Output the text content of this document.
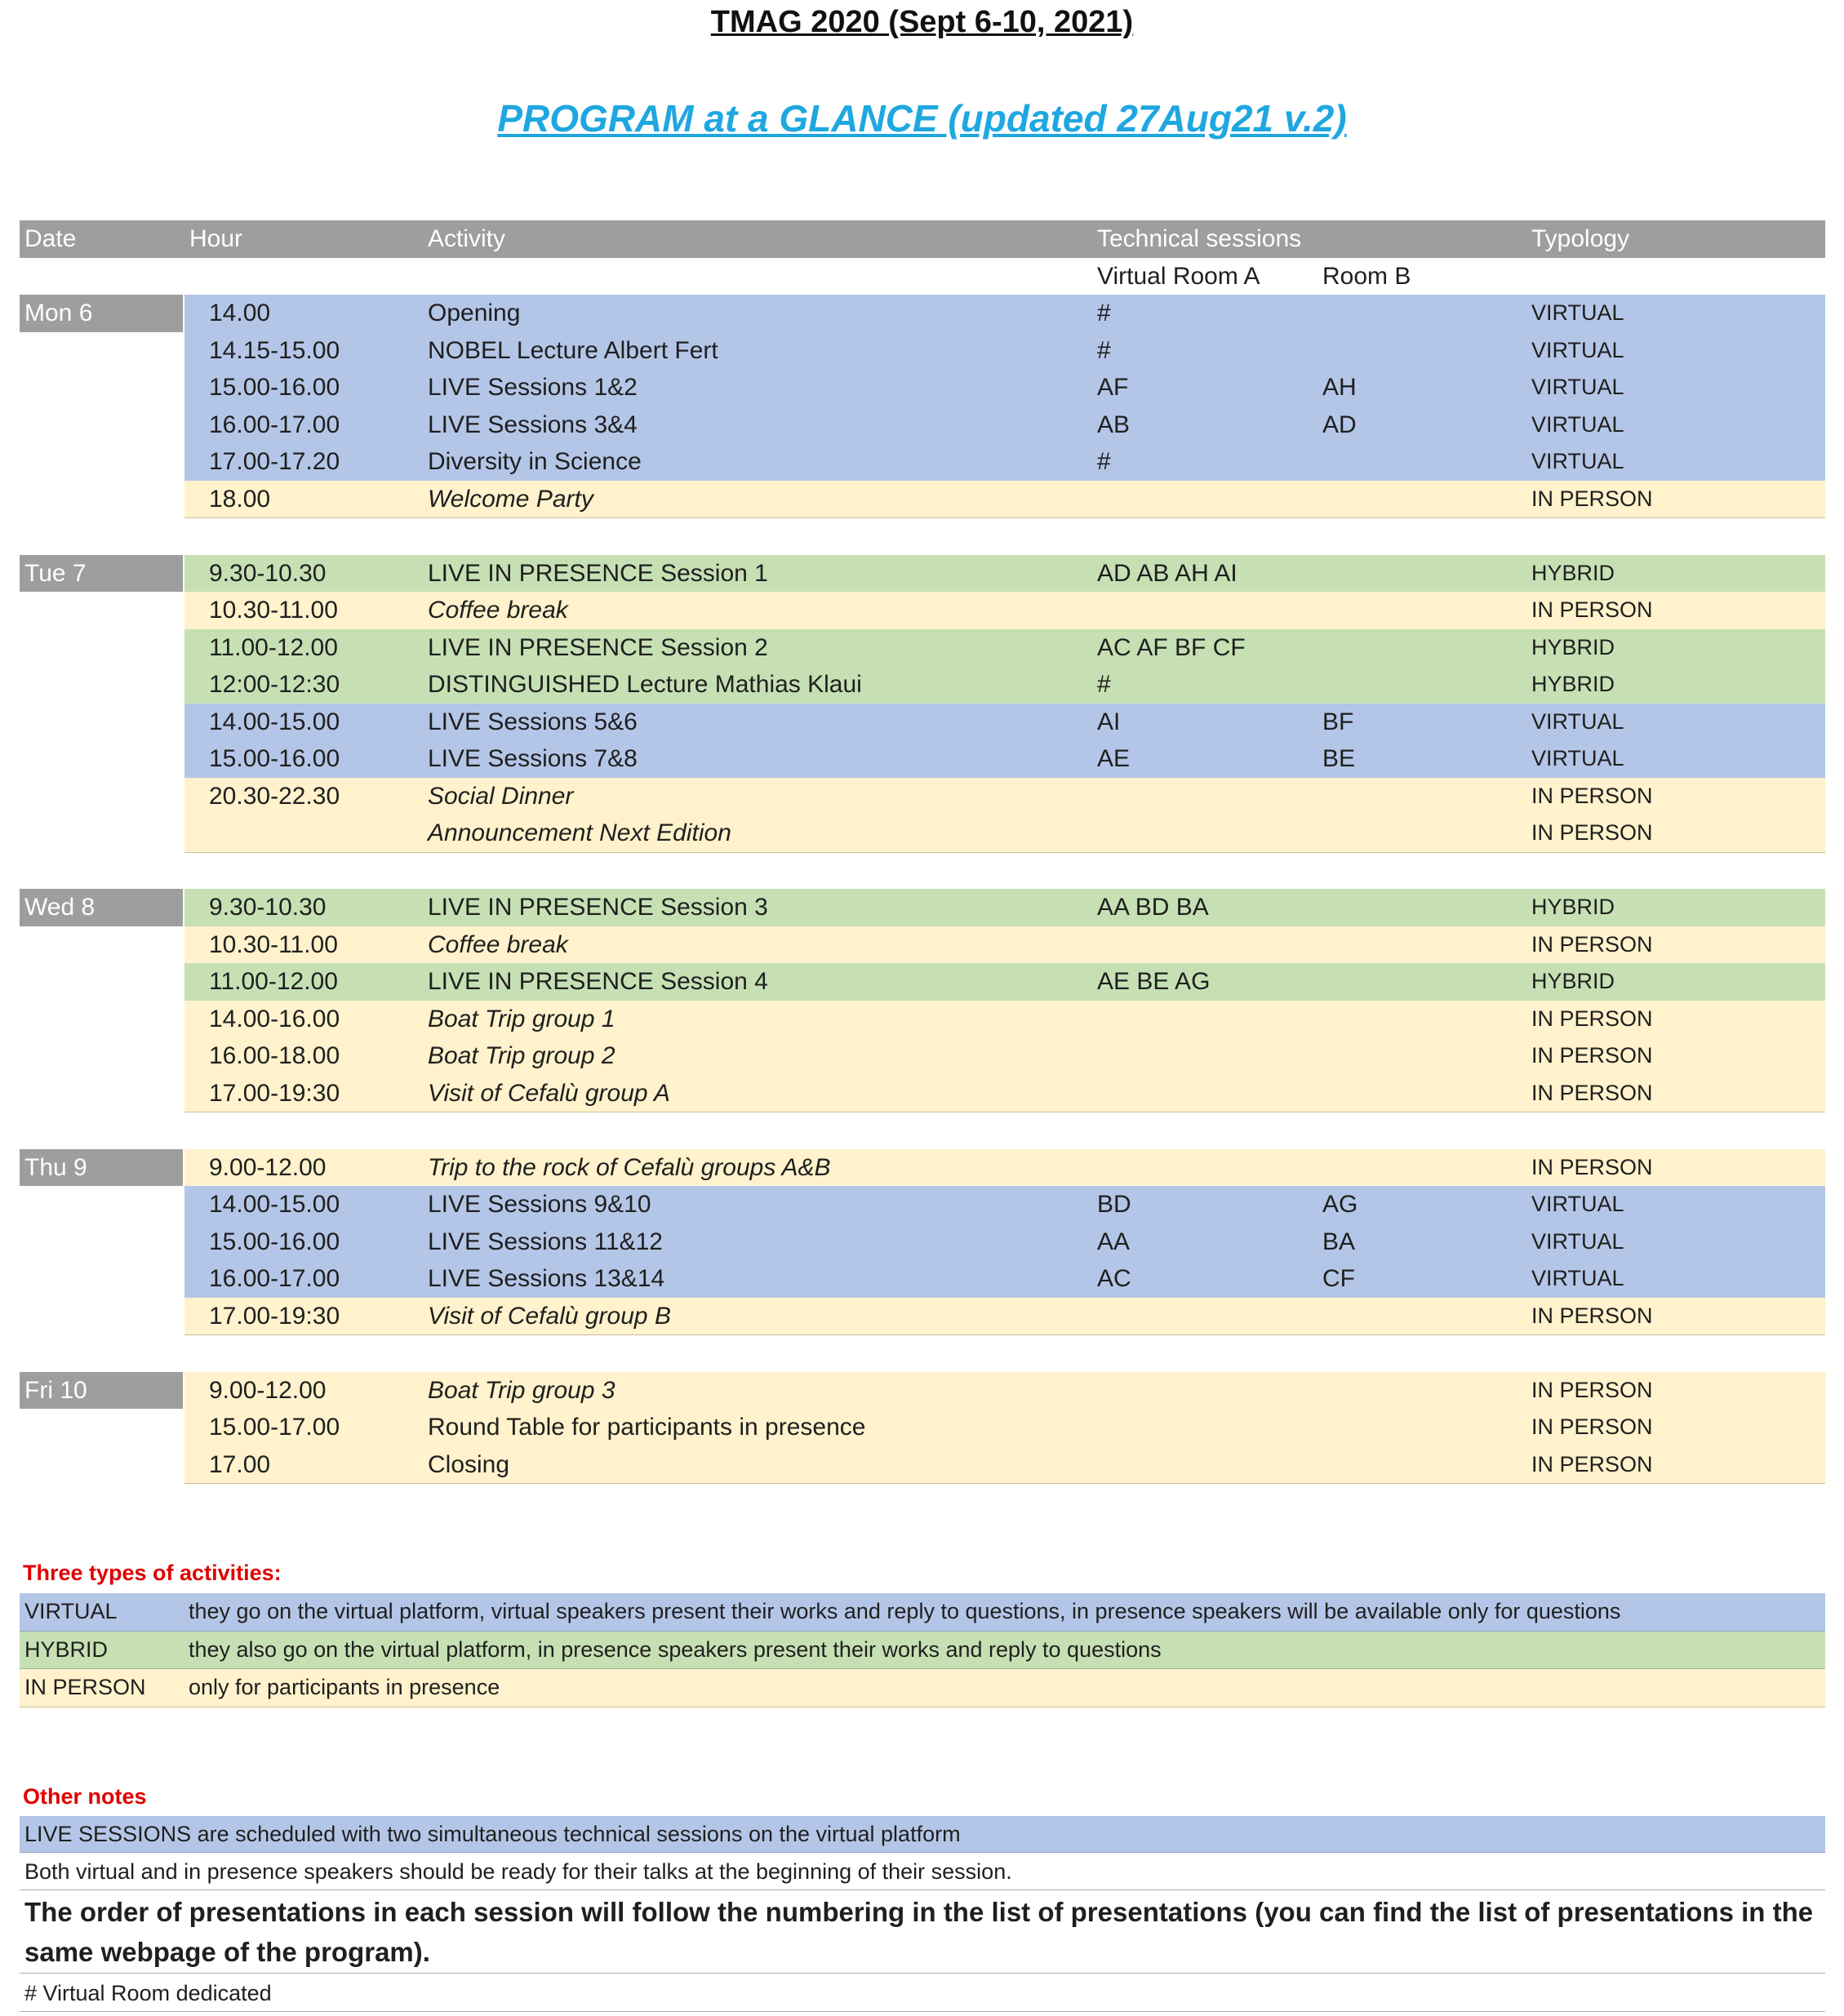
TMAG 2020 (Sept 6-10, 2021)
PROGRAM at a GLANCE (updated 27Aug21 v.2)
Date	Hour	Activity	Technical sessions	Typology
Virtual Room A	Room B
Mon 6	14.00	Opening	#	VIRTUAL
14.15-15.00	NOBEL Lecture Albert Fert	#	VIRTUAL
15.00-16.00	LIVE Sessions 1&2	AF	AH	VIRTUAL
16.00-17.00	LIVE Sessions 3&4	AB	AD	VIRTUAL
17.00-17.20	Diversity in Science	#	VIRTUAL
18.00	Welcome Party	IN PERSON
Tue 7	9.30-10.30	LIVE IN PRESENCE Session 1	AD AB AH AI	HYBRID
10.30-11.00	Coffee break	IN PERSON
11.00-12.00	LIVE IN PRESENCE Session 2	AC AF BF CF	HYBRID
12:00-12:30	DISTINGUISHED Lecture Mathias Klaui	#	HYBRID
14.00-15.00	LIVE Sessions 5&6	AI	BF	VIRTUAL
15.00-16.00	LIVE Sessions 7&8	AE	BE	VIRTUAL
20.30-22.30	Social Dinner	IN PERSON
Announcement Next Edition	IN PERSON
Wed 8	9.30-10.30	LIVE IN PRESENCE Session 3	AA BD BA	HYBRID
10.30-11.00	Coffee break	IN PERSON
11.00-12.00	LIVE IN PRESENCE Session 4	AE BE AG	HYBRID
14.00-16.00	Boat Trip group 1	IN PERSON
16.00-18.00	Boat Trip group 2	IN PERSON
17.00-19:30	Visit of Cefalù group A	IN PERSON
Thu 9	9.00-12.00	Trip to the rock of Cefalù groups A&B	IN PERSON
14.00-15.00	LIVE Sessions 9&10	BD	AG	VIRTUAL
15.00-16.00	LIVE Sessions 11&12	AA	BA	VIRTUAL
16.00-17.00	LIVE Sessions 13&14	AC	CF	VIRTUAL
17.00-19:30	Visit of Cefalù group B	IN PERSON
Fri 10	9.00-12.00	Boat Trip group 3	IN PERSON
15.00-17.00	Round Table for participants in presence	IN PERSON
17.00	Closing	IN PERSON
Three types of activities:
VIRTUAL	they go on the virtual platform, virtual speakers present their works and reply to questions, in presence speakers will be available only for questions
HYBRID	they also go on the virtual platform, in presence speakers present their works and reply to questions
IN PERSON only for participants in presence
Other notes
LIVE SESSIONS are scheduled with two simultaneous technical sessions on the virtual platform
Both virtual and in presence speakers should be ready for their talks at the beginning of their session.
The order of presentations in each session will follow the numbering in the list of presentations (you can find the list of presentations in the same webpage of the program).
# Virtual Room dedicated
